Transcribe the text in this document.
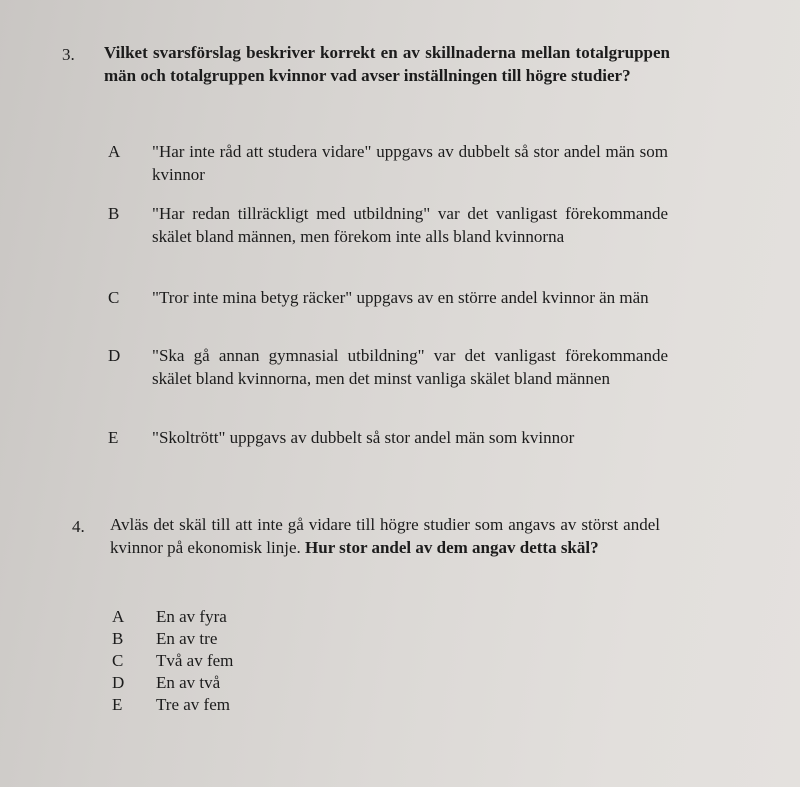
3. Vilket svarsförslag beskriver korrekt en av skillnaderna mellan totalgruppen män och totalgruppen kvinnor vad avser inställningen till högre studier?
A	"Har inte råd att studera vidare" uppgavs av dubbelt så stor andel män som kvinnor
B	"Har redan tillräckligt med utbildning" var det vanligast förekommande skälet bland männen, men förekom inte alls bland kvinnorna
C	"Tror inte mina betyg räcker" uppgavs av en större andel kvinnor än män
D	"Ska gå annan gymnasial utbildning" var det vanligast förekommande skälet bland kvinnorna, men det minst vanliga skälet bland männen
E	"Skoltrött" uppgavs av dubbelt så stor andel män som kvinnor
4. Avläs det skäl till att inte gå vidare till högre studier som angavs av störst andel kvinnor på ekonomisk linje. Hur stor andel av dem angav detta skäl?
A	En av fyra
B	En av tre
C	Två av fem
D	En av två
E	Tre av fem
